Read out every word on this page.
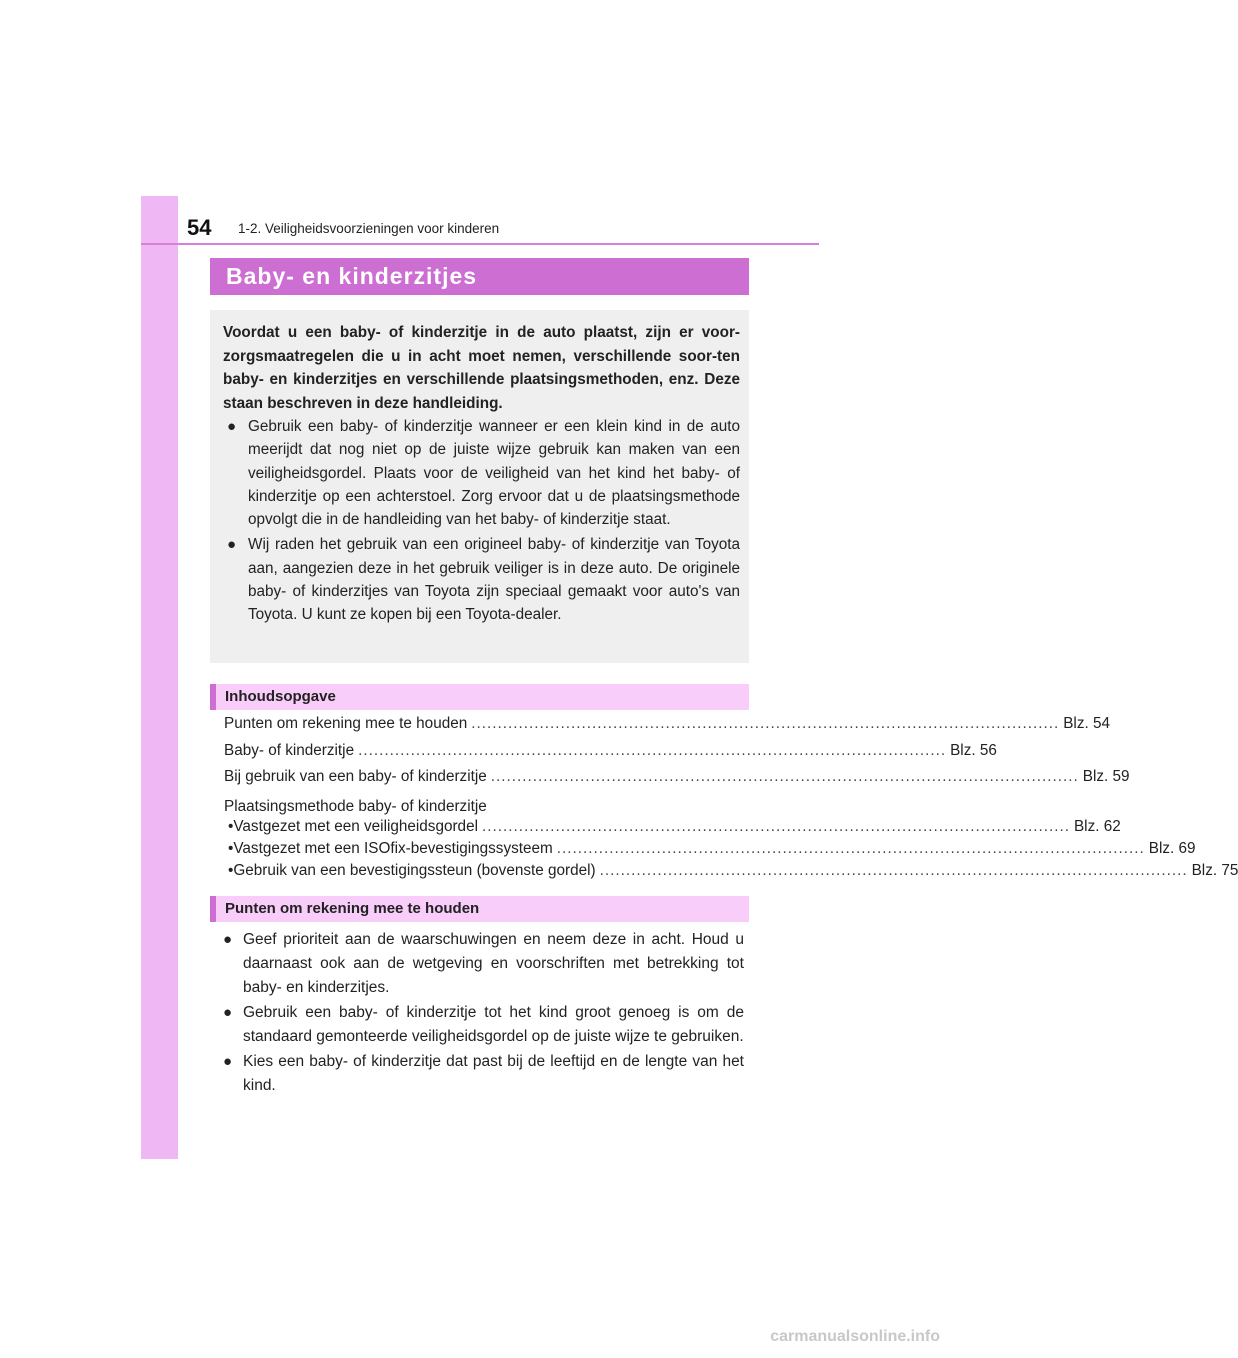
54 1-2. Veiligheidsvoorzieningen voor kinderen
Baby- en kinderzitjes

Voordat u een baby- of kinderzitje in de auto plaatst, zijn er voor-zorgsmaatregelen die u in acht moet nemen, verschillende soor-ten baby- en kinderzitjes en verschillende plaatsingsmethoden, enz. Deze staan beschreven in deze handleiding.

● Gebruik een baby- of kinderzitje wanneer er een klein kind in de auto meerijdt dat nog niet op de juiste wijze gebruik kan maken van een veiligheidsgordel. Plaats voor de veiligheid van het kind het baby- of kinderzitje op een achterstoel. Zorg ervoor dat u de plaatsingsmethode opvolgt die in de handleiding van het baby- of kinderzitje staat.

● Wij raden het gebruik van een origineel baby- of kinderzitje van Toyota aan, aangezien deze in het gebruik veiliger is in deze auto. De originele baby- of kinderzitjes van Toyota zijn speciaal gemaakt voor auto's van Toyota. U kunt ze kopen bij een Toyota-dealer.

Inhoudsopgave
Punten om rekening mee te houden ................................................................................................................ Blz. 54
Baby- of kinderzitje ................................................................................................................ Blz. 56
Bij gebruik van een baby- of kinderzitje ................................................................................................................ Blz. 59
Plaatsingsmethode baby- of kinderzitje
• Vastgezet met een veiligheidsgordel ................................................................................................................ Blz. 62
• Vastgezet met een ISOfix-bevestigingssysteem ................................................................................................................ Blz. 69
• Gebruik van een bevestigingssteun (bovenste gordel) ................................................................................................................ Blz. 75
Punten om rekening mee te houden

● Geef prioriteit aan de waarschuwingen en neem deze in acht. Houd u daarnaast ook aan de wetgeving en voorschriften met betrekking tot baby- en kinderzitjes.

● Gebruik een baby- of kinderzitje tot het kind groot genoeg is om de standaard gemonteerde veiligheidsgordel op de juiste wijze te gebruiken.

● Kies een baby- of kinderzitje dat past bij de leeftijd en de lengte van het kind.

carmanualsonline.info
